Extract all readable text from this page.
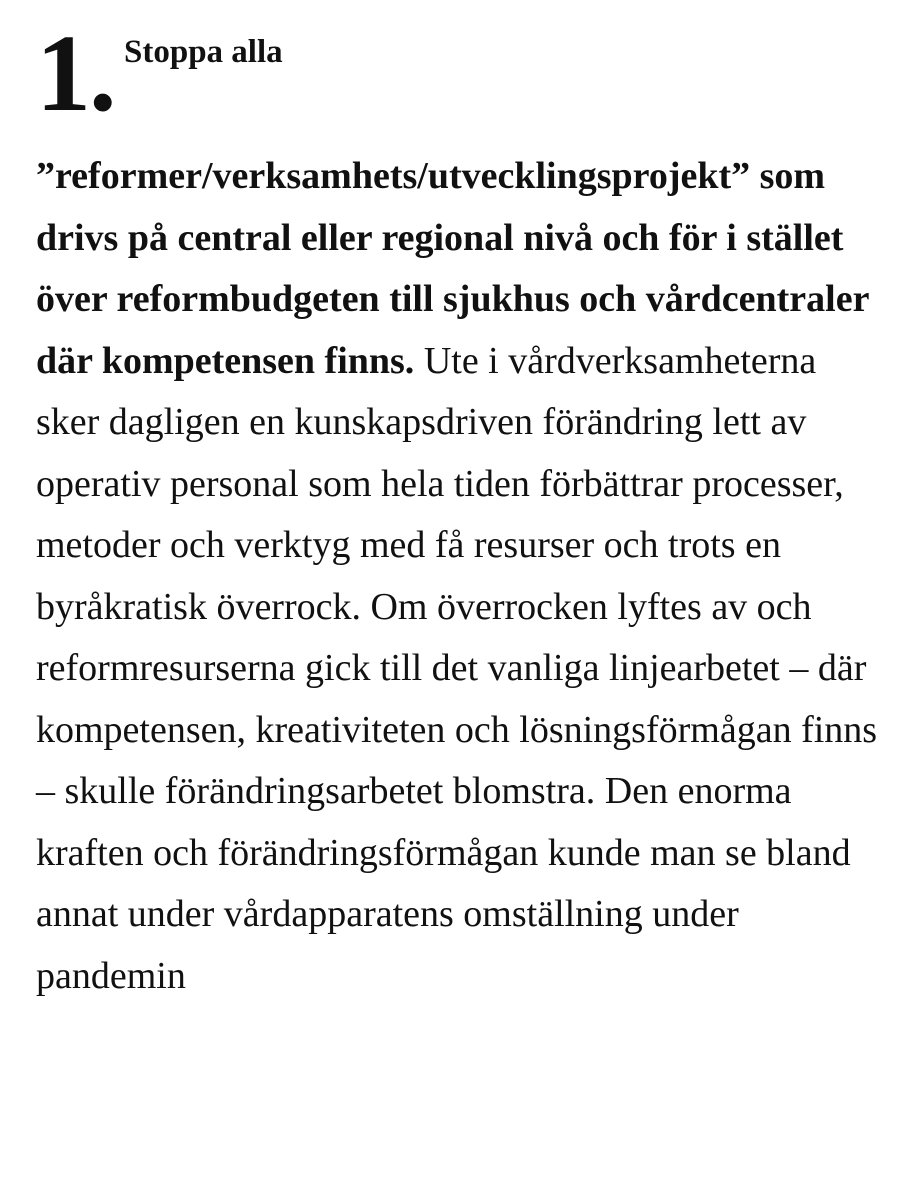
1. Stoppa alla

”reformer/verksamhets/utvecklingsprojekt” som drivs på central eller regional nivå och för i stället över reformbudgeten till sjukhus och vårdcentraler där kompetensen finns. Ute i vårdverksamheterna sker dagligen en kunskapsdriven förändring lett av operativ personal som hela tiden förbättrar processer, metoder och verktyg med få resurser och trots en byråkratisk överrock. Om överrocken lyftes av och reformresurserna gick till det vanliga linjearbetet – där kompetensen, kreativiteten och lösningsförmågan finns – skulle förändringsarbetet blomstra. Den enorma kraften och förändringsförmågan kunde man se bland annat under vårdapparatens omställning under pandemin
